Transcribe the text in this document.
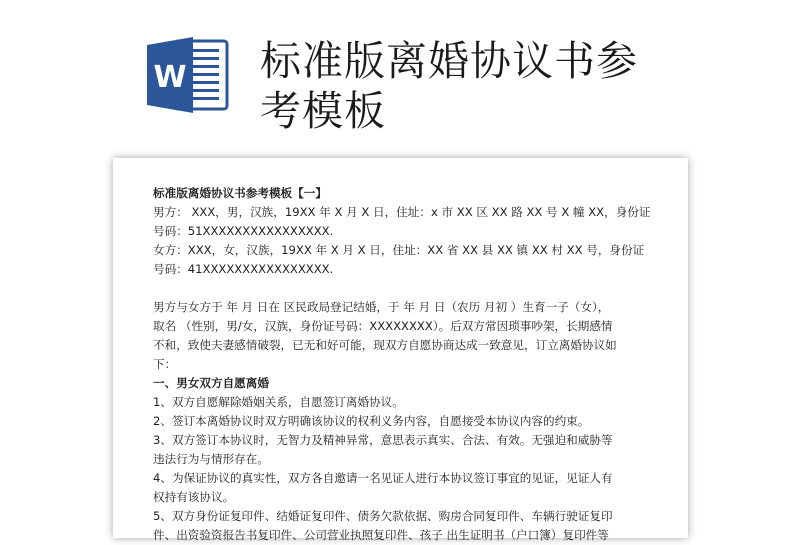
W 标准版离婚协议书参
考模板
标准版离婚协议书参考模板【一】
男方： XXX，男，汉族，19XX 年 X 月 X 日，住址：x 市 XX 区 XX 路 XX 号 X 幢 XX，身份证
号码：51XXXXXXXXXXXXXXXX.
女方：XXX，女，汉族，19XX 年 X 月 X 日，住址：XX 省 XX 县 XX 镇 XX 村 XX 号，身份证
号码：41XXXXXXXXXXXXXXXX.
男方与女方于 年 月 日在 区民政局登记结婚，于 年 月 日（农历 月初 ）生育一子（女），
取名 （性别，男/女，汉族，身份证号码：XXXXXXXX）。后双方常因琐事吵架，长期感情
不和，致使夫妻感情破裂，已无和好可能，现双方自愿协商达成一致意见，订立离婚协议如
下：
一、男女双方自愿离婚
1、双方自愿解除婚姻关系，自愿签订离婚协议。
2、签订本离婚协议时双方明确该协议的权利义务内容，自愿接受本协议内容的约束。
3、双方签订本协议时，无智力及精神异常，意思表示真实、合法、有效。无强迫和威胁等
违法行为与情形存在。
4、为保证协议的真实性，双方各自邀请一名见证人进行本协议签订事宜的见证，见证人有
权持有该协议。
5、双方身份证复印件、结婚证复印件、债务欠款依据、购房合同复印件、车辆行驶证复印
件、出资验资报告书复印件、公司营业执照复印件、孩子 出生证明书（户口簿）复印件等
